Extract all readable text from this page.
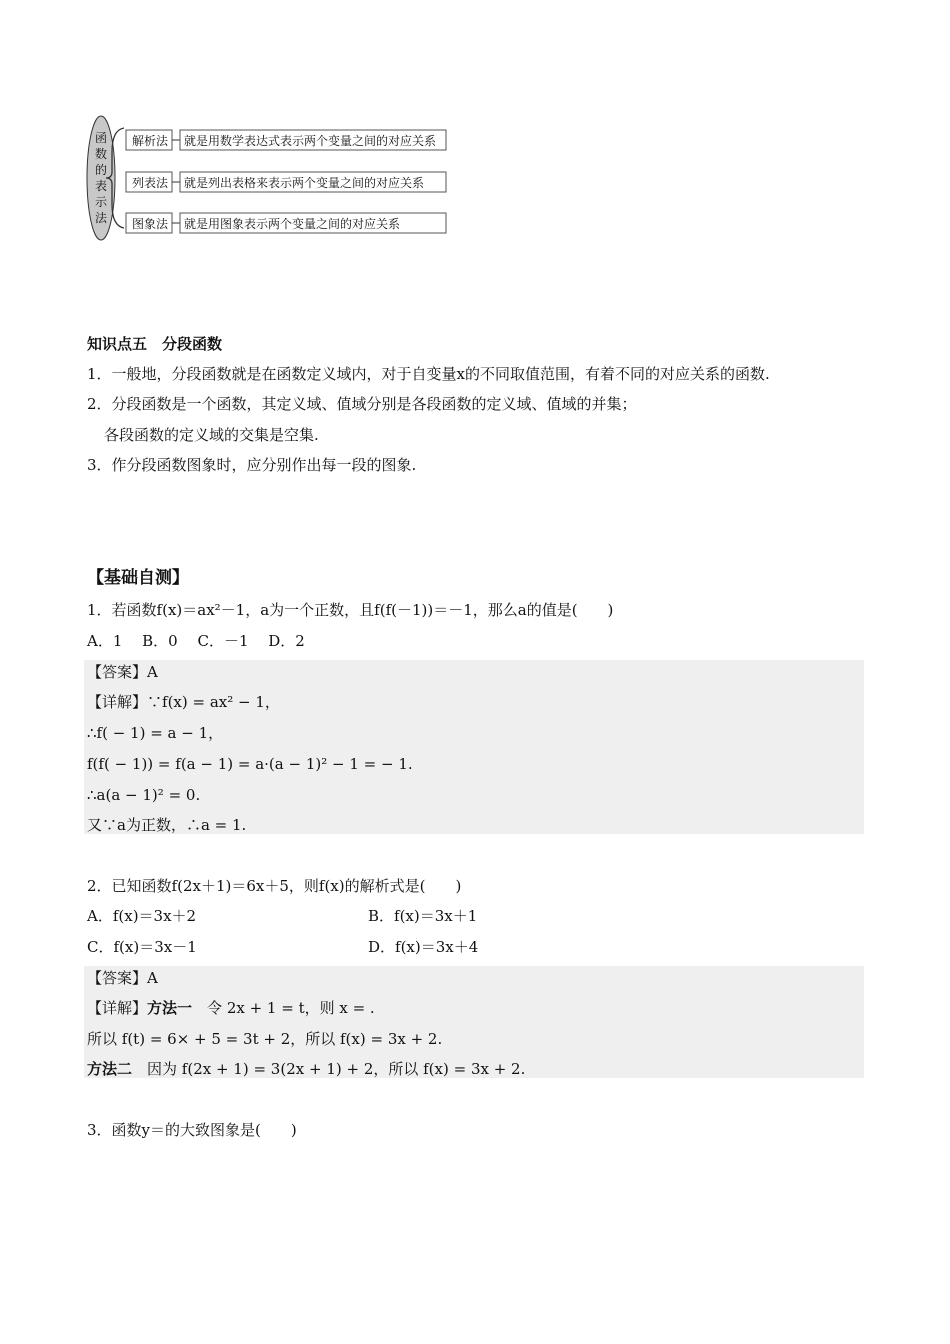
函
数
的
表
示
法
解析法	就是用数学表达式表示两个变量之间的对应关系
列表法	就是列出表格来表示两个变量之间的对应关系
图象法	就是用图象表示两个变量之间的对应关系
知识点五　分段函数
1．一般地，分段函数就是在函数定义域内，对于自变量x的不同取值范围，有着不同的对应关系的函数.
2．分段函数是一个函数，其定义域、值域分别是各段函数的定义域、值域的并集；
各段函数的定义域的交集是空集.
3．作分段函数图象时，应分别作出每一段的图象.
【基础自测】
1．若函数f(x)＝ax²－1，a为一个正数，且f(f(－1))＝－1，那么a的值是(　　)
A．1　 B．0　 C．－1　 D．2
【答案】A
【详解】∵f(x) = ax² − 1，
∴f( − 1) = a − 1，
f(f( − 1)) = f(a − 1) = a·(a − 1)² − 1 = − 1.
∴a(a − 1)² = 0.
又∵a为正数，∴a = 1.
2．已知函数f(2x＋1)＝6x＋5，则f(x)的解析式是(　　)
A．f(x)＝3x＋2	B．f(x)＝3x＋1
C．f(x)＝3x－1	D．f(x)＝3x＋4
【答案】A
【详解】方法一　 令 2x + 1 = t，则 x = .
所以 f(t) = 6× + 5 = 3t + 2，所以 f(x) = 3x + 2.
方法二　 因为 f(2x + 1) = 3(2x + 1) + 2，所以 f(x) = 3x + 2.
3．函数y＝的大致图象是(　　)
